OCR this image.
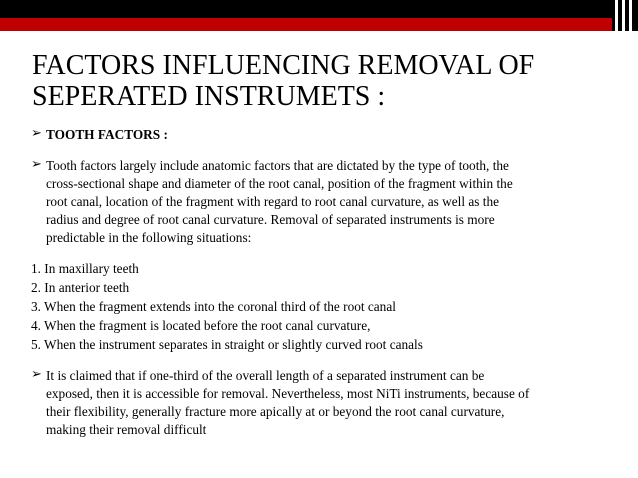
FACTORS INFLUENCING REMOVAL OF
SEPERATED INSTRUMETS :
➢ TOOTH FACTORS :
➢ Tooth factors largely include anatomic factors that are dictated by the type of tooth, the
cross-sectional shape and diameter of the root canal, position of the fragment within the
root canal, location of the fragment with regard to root canal curvature, as well as the
radius and degree of root canal curvature. Removal of separated instruments is more
predictable in the following situations:
1. In maxillary teeth
2. In anterior teeth
3. When the fragment extends into the coronal third of the root canal
4. When the fragment is located before the root canal curvature,
5. When the instrument separates in straight or slightly curved root canals
➢ It is claimed that if one-third of the overall length of a separated instrument can be
exposed, then it is accessible for removal. Nevertheless, most NiTi instruments, because of
their flexibility, generally fracture more apically at or beyond the root canal curvature,
making their removal difficult
